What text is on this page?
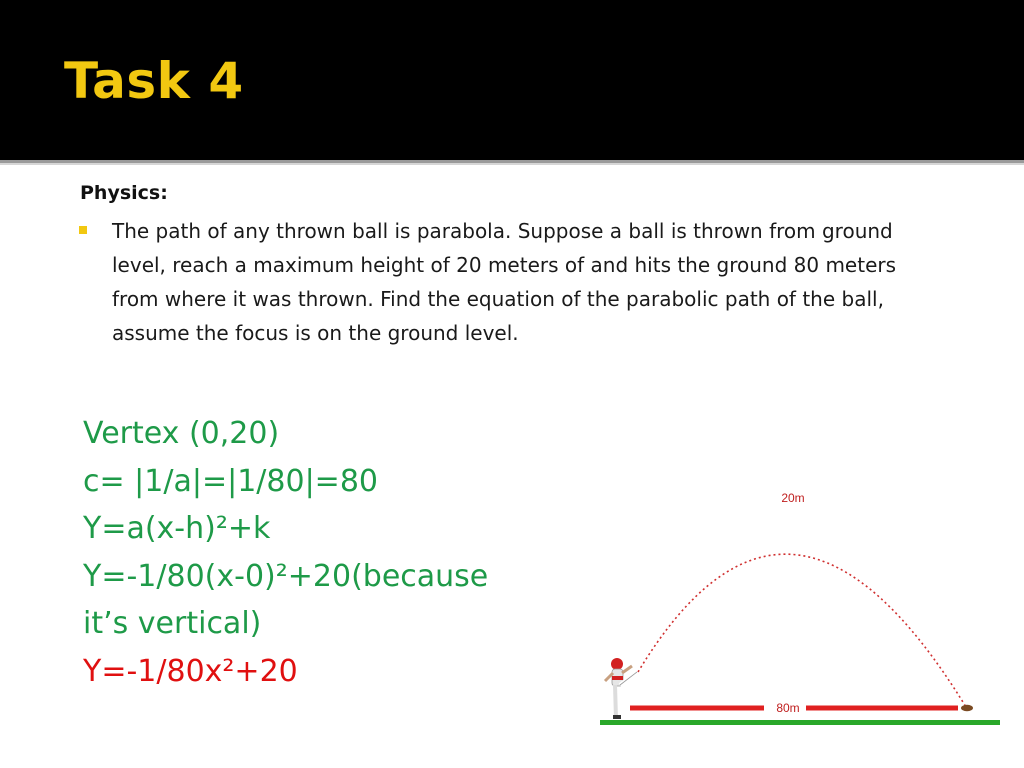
Task 4
Physics:
The path of any thrown ball is parabola. Suppose a ball is thrown from ground level, reach a maximum height of 20 meters of and hits the ground 80 meters from where it was thrown. Find the equation of the parabolic path of the ball, assume the focus is on the ground level.
Vertex (0,20)
c= |1/a|=|1/80|=80
Y=a(x-h)²+k
Y=-1/80(x-0)²+20(because
it’s vertical)
Y=-1/80x²+20
20m
80m
